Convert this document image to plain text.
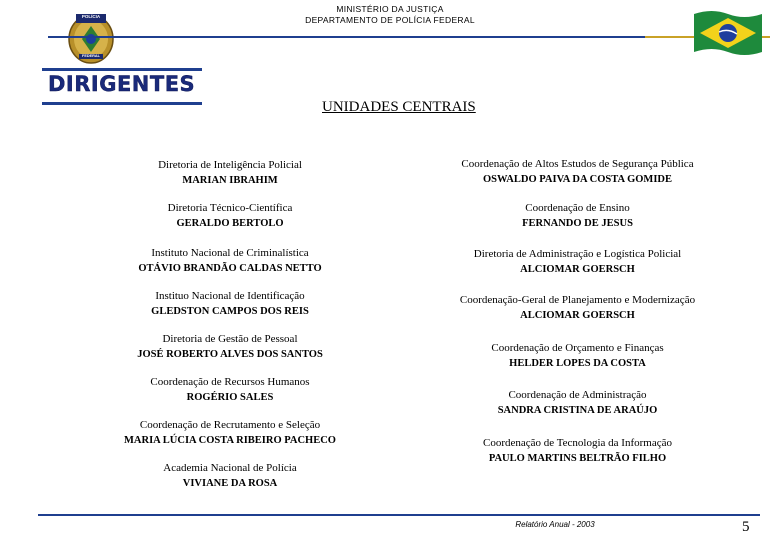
MINISTÉRIO DA JUSTIÇA
DEPARTAMENTO DE POLÍCIA FEDERAL
POLÍCIA
FEDERAL
DIRIGENTES
UNIDADES CENTRAIS
Diretoria de Inteligência Policial
MARIAN IBRAHIM
Diretoria Técnico-Científica
GERALDO BERTOLO
Instituto Nacional de Criminalística
OTÁVIO BRANDÃO CALDAS NETTO
Instituo Nacional de Identificação
GLEDSTON CAMPOS DOS REIS
Diretoria de Gestão de Pessoal
JOSÉ ROBERTO ALVES DOS SANTOS
Coordenação de Recursos Humanos
ROGÉRIO SALES
Coordenação de Recrutamento e Seleção
MARIA LÚCIA COSTA RIBEIRO PACHECO
Academia Nacional de Polícia
VIVIANE DA ROSA
Coordenação de Altos Estudos de Segurança Pública
OSWALDO PAIVA DA COSTA GOMIDE
Coordenação de Ensino
FERNANDO DE JESUS
Diretoria de Administração e Logística Policial
ALCIOMAR GOERSCH
Coordenação-Geral de Planejamento e Modernização
ALCIOMAR GOERSCH
Coordenação de Orçamento e Finanças
HELDER LOPES DA COSTA
Coordenação de Administração
SANDRA CRISTINA DE ARAÚJO
Coordenação de Tecnologia da Informação
PAULO MARTINS BELTRÃO FILHO
Relatório Anual - 2003	5
